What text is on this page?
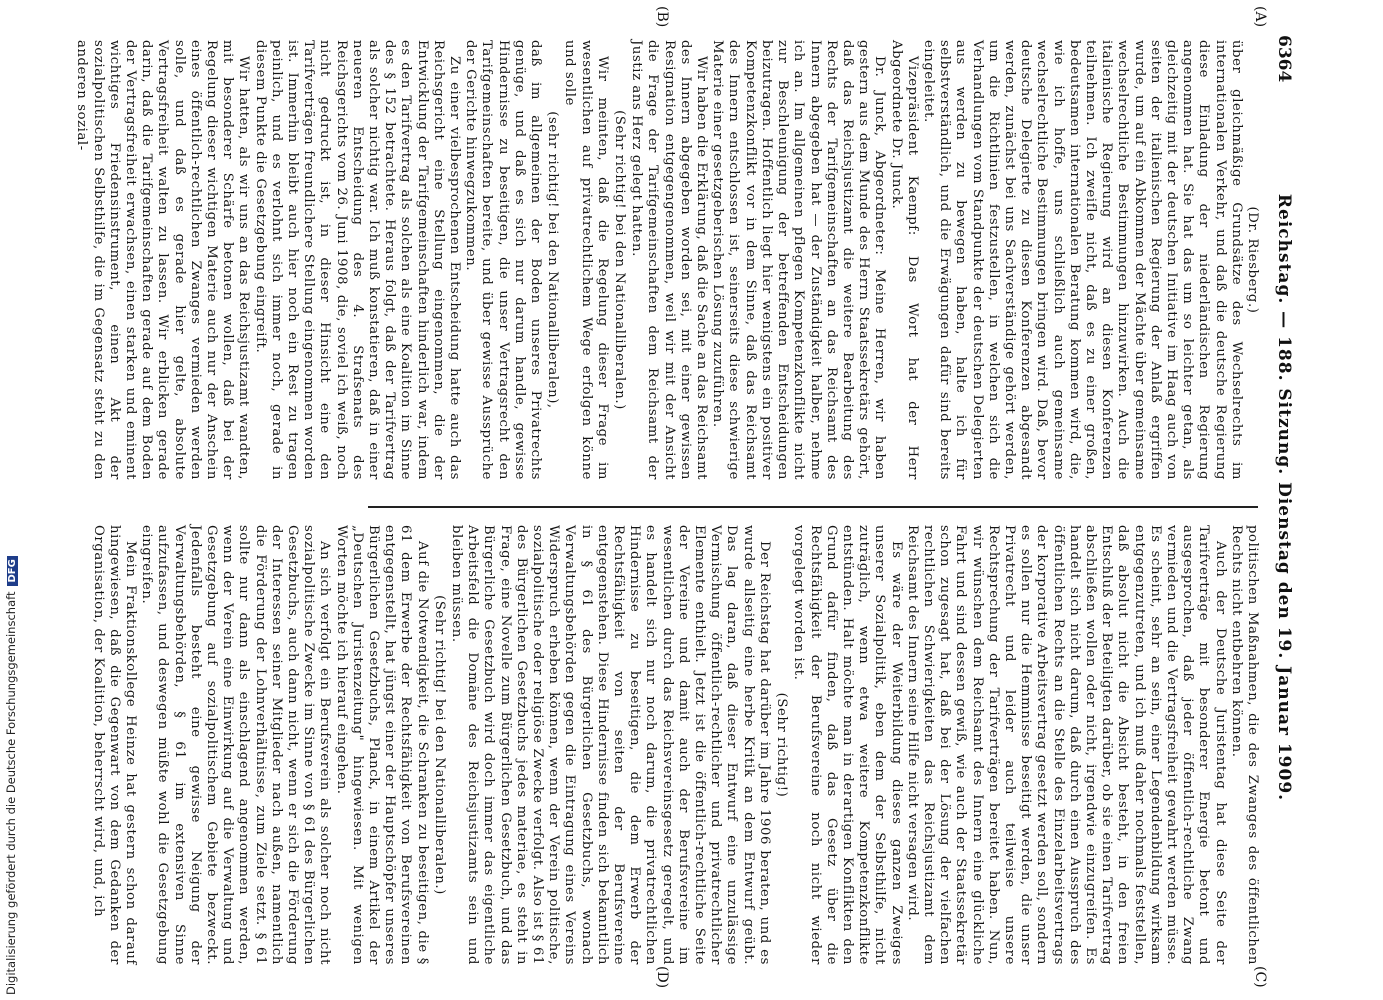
6364
Reichstag. — 188. Sitzung. Dienstag den 19. Januar 1909.
(A)
(B)
(C)
(D)

(Dr. Riesberg.)

über gleichmäßige Grundsätze des Wechselrechts im internationalen Verkehr, und daß die deutsche Regierung diese Einladung der niederländischen Regierung angenommen hat. Sie hat das um so leichter getan, als gleichzeitig mit der deutschen Initiative im Haag auch von seiten der italienischen Regierung der Anlaß ergriffen wurde, um auf ein Abkommen der Mächte über gemeinsame wechselrechtliche Bestimmungen hinzuwirken. Auch die italienische Regierung wird an diesen Konferenzen teilnehmen. Ich zweifle nicht, daß es zu einer großen, bedeutsamen internationalen Beratung kommen wird, die, wie ich hoffe, uns schließlich auch gemeinsame wechselrechtliche Bestimmungen bringen wird. Daß, bevor deutsche Delegierte zu diesen Konferenzen abgesandt werden, zunächst bei uns Sachverständige gehört werden, um die Richtlinien festzustellen, in welchen sich die Verhandlungen vom Standpunkte der deutschen Delegierten aus werden zu bewegen haben, halte ich für selbstverständlich, und die Erwägungen dafür sind bereits eingeleitet.

Vizepräsident Kaempf: Das Wort hat der Herr Abgeordnete Dr. Junck.

Dr. Junck, Abgeordneter: Meine Herren, wir haben gestern aus dem Munde des Herrn Staatssekretärs gehört, daß das Reichsjustizamt die weitere Bearbeitung des Rechts der Tarifgemeinschaften an das Reichsamt des Innern abgegeben hat — der Zuständigkeit halber, nehme ich an. Im allgemeinen pflegen Kompetenzkonflikte nicht zur Beschleunigung der betreffenden Entscheidungen beizutragen. Hoffentlich liegt hier wenigstens ein positiver Kompetenzkonflikt vor in dem Sinne, daß das Reichsamt des Innern entschlossen ist, seinerseits diese schwierige Materie einer gesetzgeberischen Lösung zuzuführen.

Wir haben die Erklärung, daß die Sache an das Reichsamt des Innern abgegeben worden sei, mit einer gewissen Resignation entgegengenommen, weil wir mit der Ansicht die Frage der Tarifgemeinschaften dem Reichsamt der Justiz ans Herz gelegt hatten.

(Sehr richtig! bei den Nationalliberalen.)

Wir meinten, daß die Regelung dieser Frage im wesentlichen auf privatrechtlichem Wege erfolgen könne und solle

(sehr richtig! bei den Nationalliberalen),

daß im allgemeinen der Boden unseres Privatrechts genüge, und daß es sich nur darum handle, gewisse Hindernisse zu beseitigen, die unser Vertragsrecht den Tarifgemeinschaften bereite, und über gewisse Aussprüche der Gerichte hinwegzukommen.

Zu einer vielbesprochenen Entscheidung hatte auch das Reichsgericht eine Stellung eingenommen, die der Entwicklung der Tarifgemeinschaften hinderlich war, indem es den Tarifvertrag als solchen als eine Koalition im Sinne des § 152 betrachtete. Heraus folgt, daß der Tarifvertrag als solcher nichtig war. Ich muß konstatieren, daß in einer neueren Entscheidung des 4. Strafsenats des Reichsgerichts vom 26. Juni 1908, die, soviel ich weiß, noch nicht gedruckt ist, in dieser Hinsicht eine den Tarifverträgen freundlichere Stellung eingenommen worden ist. Immerhin bleibt auch hier noch ein Rest zu tragen peinlich, und es verlohnt sich immer noch, gerade in diesem Punkte die Gesetzgebung eingreift.

Wir hatten, als wir uns an das Reichsjustizamt wandten, mit besonderer Schärfe betonen wollen, daß bei der Regelung dieser wichtigen Materie auch nur der Anschein eines öffentlich-rechtlichen Zwanges vermieden werden solle, und daß es gerade hier gelte, absolute Vertragsfreiheit walten zu lassen. Wir erblicken gerade darin, daß die Tarifgemeinschaften gerade auf dem Boden der Vertragsfreiheit erwachsen, einen starken und eminent wichtiges Friedensinstrument, einen Akt der sozialpolitischen Selbsthilfe, die im Gegensatz steht zu den anderen sozial-

politischen Maßnahmen, die des Zwanges des öffentlichen Rechts nicht entbehren können.

Auch der Deutsche Juristentag hat diese Seite der Tarifverträge mit besonderer Energie betont und ausgesprochen, daß jeder öffentlich-rechtliche Zwang vermieden und die Vertragsfreiheit gewahrt werden müsse. Es scheint, sehr an sein, einer Legendenbildung wirksam entgegenzutreten, und ich muß daher nochmals feststellen, daß absolut nicht die Absicht besteht, in den freien Entschluß der Beteiligten darüber, ob sie einen Tarifvertrag abschließen wollen oder nicht, irgendwie einzugreifen. Es handelt sich nicht darum, daß durch einen Ausspruch des öffentlichen Rechts an die Stelle des Einzelarbeitsvertrags der korporative Arbeitsvertrag gesetzt werden soll, sondern es sollen nur die Hemmnisse beseitigt werden, die unser Privatrecht und leider auch teilweise unsere Rechtsprechung der Tarifverträgen bereitet haben. Nun, wir wünschen dem Reichsamt des Innern eine glückliche Fahrt und sind dessen gewiß, wie auch der Staatssekretär schon zugesagt hat, daß bei der Lösung der vielfachen rechtlichen Schwierigkeiten das Reichsjustizamt dem Reichsamt des Innern seine Hilfe nicht versagen wird.

Es wäre der Weiterbildung dieses ganzen Zweiges unserer Sozialpolitik, eben dem der Selbsthilfe, nicht zuträglich, wenn etwa weitere Kompetenzkonflikte entstünden. Halt möchte man in derartigen Konflikten den Grund dafür finden, daß das Gesetz über die Rechtsfähigkeit der Berufsvereine noch nicht wieder vorgelegt worden ist.

(Sehr richtig!)

Der Reichstag hat darüber im Jahre 1906 beraten, und es wurde allseitig eine herbe Kritik an dem Entwurf geübt. Das lag daran, daß dieser Entwurf eine unzulässige Vermischung öffentlich-rechtlicher und privatrechtlicher Elemente enthielt. Jetzt ist die öffentlich-rechtliche Seite der Vereine und damit auch der Berufsvereine im wesentlichen durch das Reichsvereinsgesetz geregelt, und es handelt sich nur noch darum, die privatrechtlichen Hindernisse zu beseitigen, die dem Erwerb der Rechtsfähigkeit von seiten der Berufsvereine entgegenstehen. Diese Hindernisse finden sich bekanntlich in § 61 des Bürgerlichen Gesetzbuchs, wonach Verwaltungsbehörden gegen die Eintragung eines Vereins Widerspruch erheben können, wenn der Verein politische, sozialpolitische oder religiöse Zwecke verfolgt. Also ist § 61 des Bürgerlichen Gesetzbuchs jedes materiae, es steht in Frage, eine Novelle zum Bürgerlichen Gesetzbuch, und das Bürgerliche Gesetzbuch wird doch immer das eigentliche Arbeitsfeld die Domäne des Reichsjustizamts sein und bleiben müssen.

(Sehr richtig! bei den Nationalliberalen.)

Auf die Notwendigkeit, die Schranken zu beseitigen, die § 61 dem Erwerbe der Rechtsfähigkeit von Berufsvereinen entgegenstellt, hat jüngst einer der Hauptschöpfer unseres Bürgerlichen Gesetzbuchs, Planck, in einem Artikel der „Deutschen Juristenzeitung" hingewiesen. Mit wenigen Worten möchte ich hierauf eingehen.

An sich verfolgt ein Berufsverein als solcher noch nicht sozialpolitische Zwecke im Sinne von § 61 des Bürgerlichen Gesetzbuchs, auch dann nicht, wenn er sich die Förderung der Interessen seiner Mitglieder nach außen, namentlich die Förderung der Lohnverhältnisse, zum Ziele setzt. § 61 sollte nur dann als einschlagend angenommen werden, wenn der Verein eine Einwirkung auf die Verwaltung und Gesetzgebung auf sozialpolitischem Gebiete bezweckt. Jedenfalls besteht eine gewisse Neigung der Verwaltungsbehörden, § 61 im extensiven Sinne aufzufassen, und deswegen müßte wohl die Gesetzgebung eingreifen.

Mein Fraktionskollege Heinze hat gestern schon darauf hingewiesen, daß die Gegenwart von dem Gedanken der Organisation, der Koalition, beherrscht wird, und, ich

Digitalisierung gefördert durch die Deutsche ForschungsgemeinschaftDFG
